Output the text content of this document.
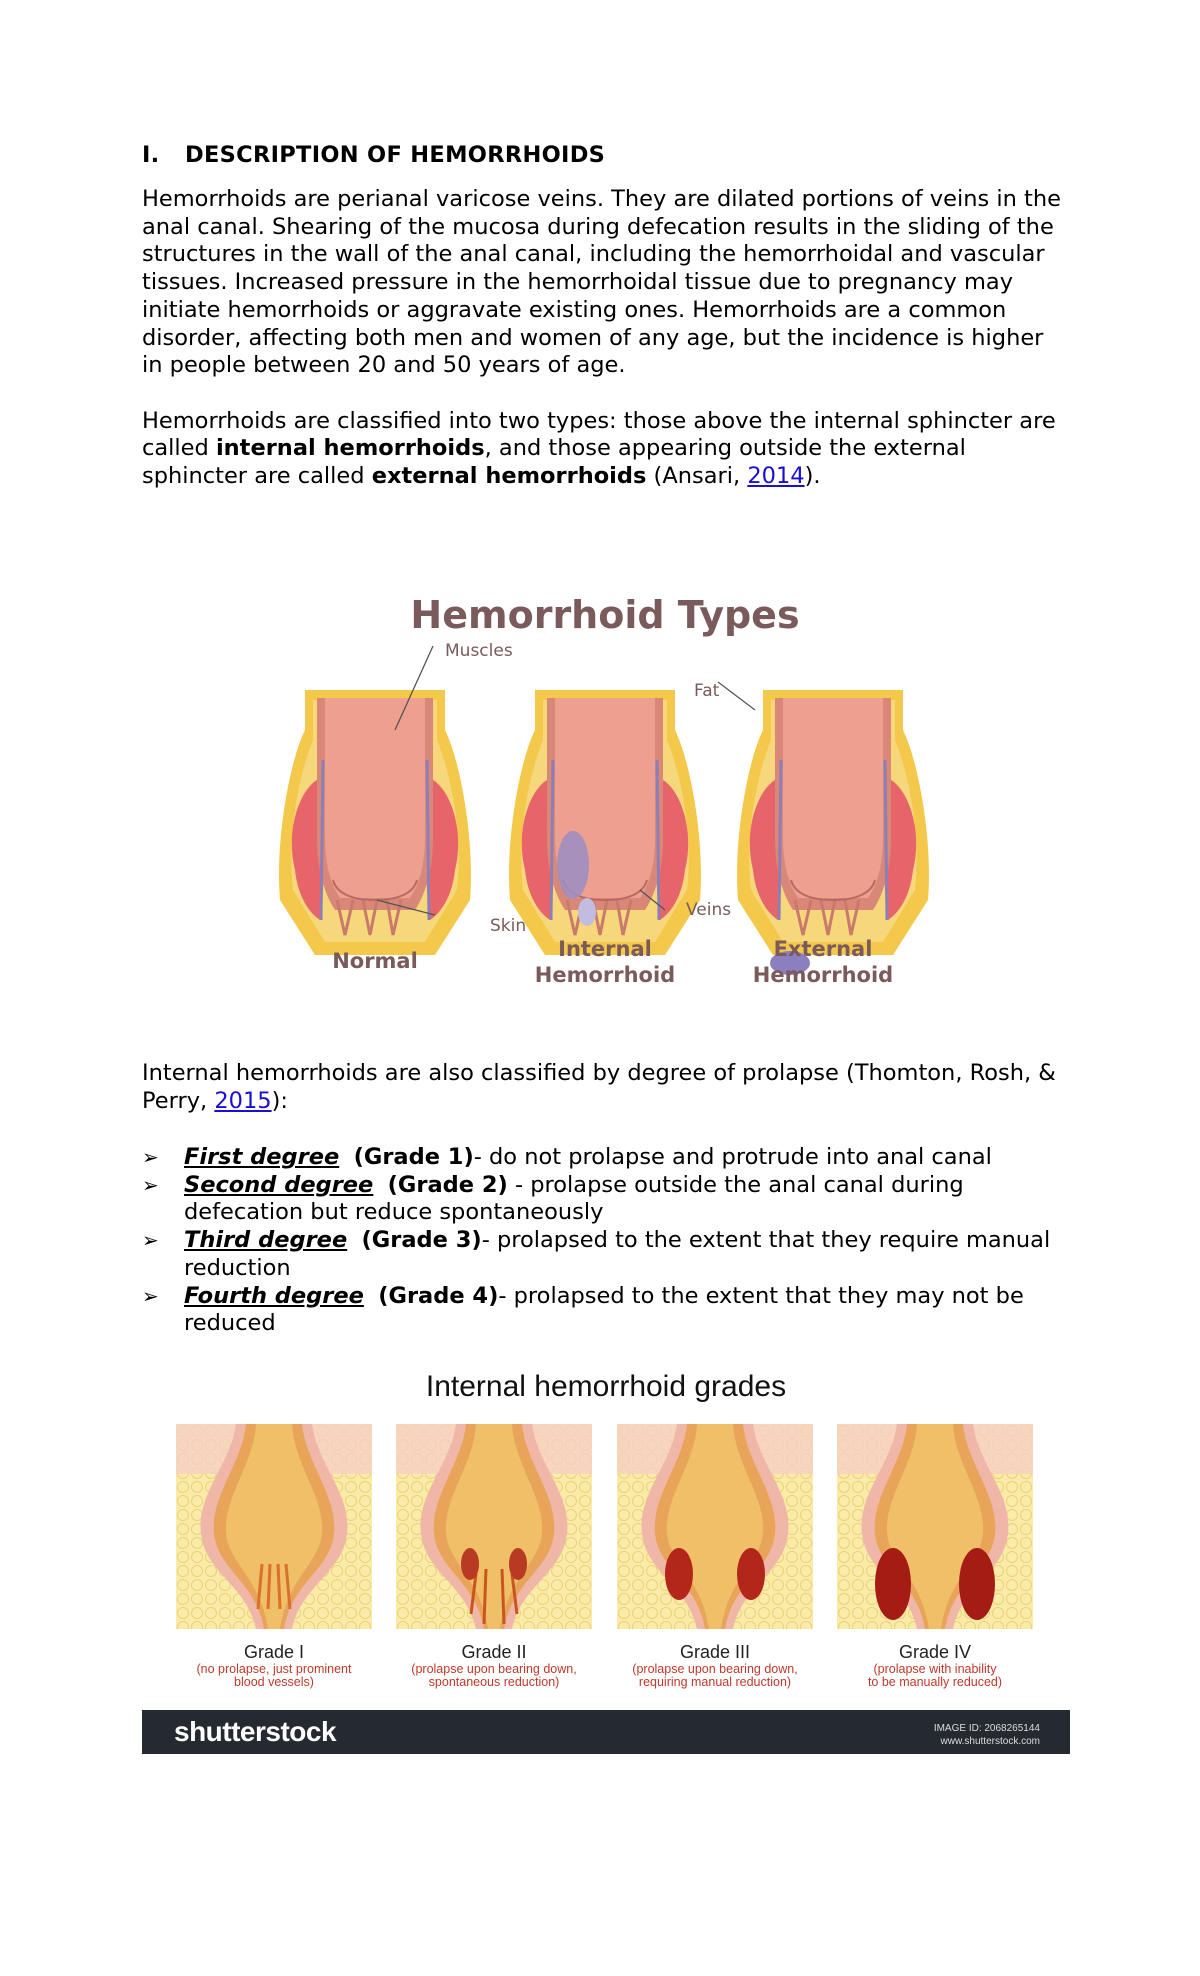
I. DESCRIPTION OF HEMORRHOIDS

Hemorrhoids are perianal varicose veins. They are dilated portions of veins in the anal canal. Shearing of the mucosa during defecation results in the sliding of the structures in the wall of the anal canal, including the hemorrhoidal and vascular tissues. Increased pressure in the hemorrhoidal tissue due to pregnancy may initiate hemorrhoids or aggravate existing ones. Hemorrhoids are a common disorder, affecting both men and women of any age, but the incidence is higher in people between 20 and 50 years of age.

Hemorrhoids are classified into two types: those above the internal sphincter are called internal hemorrhoids, and those appearing outside the external sphincter are called external hemorrhoids (Ansari, 2014).

Hemorrhoid Types
Muscles
Fat
Skin
Veins
Normal	Internal
Hemorrhoid
External
Hemorrhoid

Internal hemorrhoids are also classified by degree of prolapse (Thomton, Rosh, & Perry, 2015):

➢ First degree (Grade 1)- do not prolapse and protrude into anal canal
➢ Second degree (Grade 2) - prolapse outside the anal canal during defecation but reduce spontaneously
➢ Third degree (Grade 3)- prolapsed to the extent that they require manual reduction
➢ Fourth degree (Grade 4)- prolapsed to the extent that they may not be reduced
Internal hemorrhoid grades
Grade I
(no prolapse, just prominent
blood vessels)
Grade II
(prolapse upon bearing down,
spontaneous reduction)
Grade III
(prolapse upon bearing down,
requiring manual reduction)
Grade IV
(prolapse with inability
to be manually reduced)
shutterstock	IMAGE ID: 2068265144
www.shutterstock.com
